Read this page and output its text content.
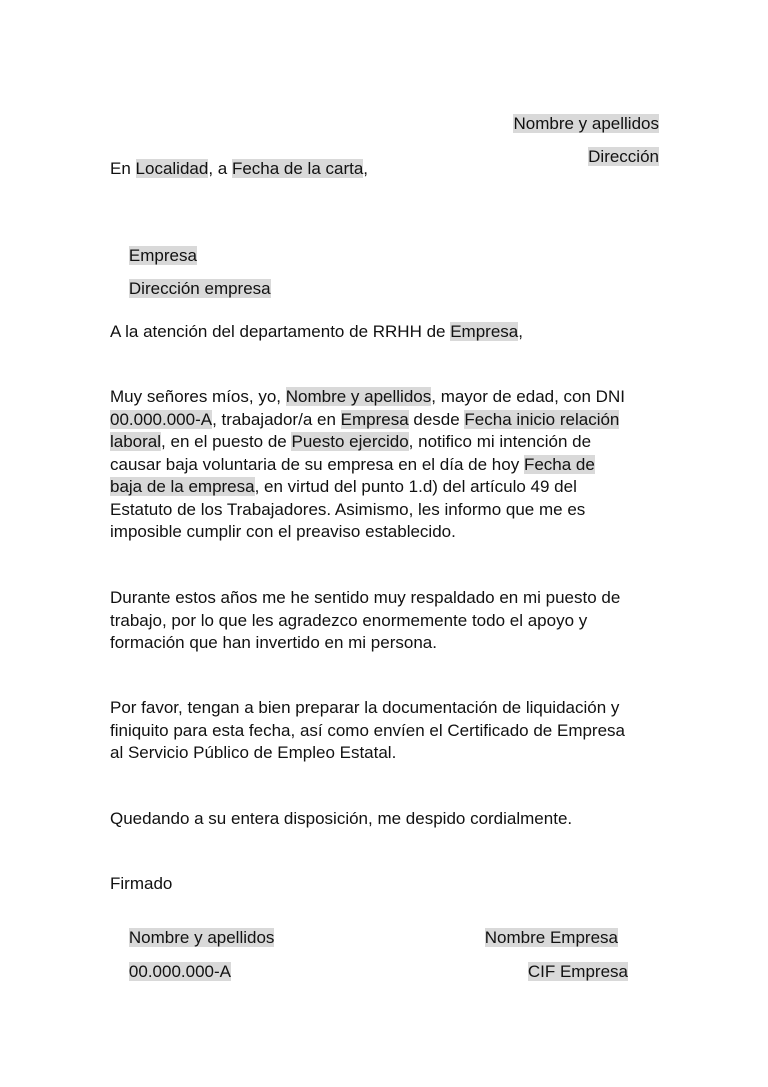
Nombre y apellidos

Dirección

En Localidad, a Fecha de la carta,

Empresa

Dirección empresa

A la atención del departamento de RRHH de Empresa,
Muy señores míos, yo, Nombre y apellidos, mayor de edad, con DNI
00.000.000-A, trabajador/a en Empresa desde Fecha inicio relación
laboral, en el puesto de Puesto ejercido, notifico mi intención de
causar baja voluntaria de su empresa en el día de hoy Fecha de
baja de la empresa, en virtud del punto 1.d) del artículo 49 del
Estatuto de los Trabajadores. Asimismo, les informo que me es
imposible cumplir con el preaviso establecido.
Durante estos años me he sentido muy respaldado en mi puesto de
trabajo, por lo que les agradezco enormemente todo el apoyo y
formación que han invertido en mi persona.
Por favor, tengan a bien preparar la documentación de liquidación y
finiquito para esta fecha, así como envíen el Certificado de Empresa
al Servicio Público de Empleo Estatal.
Quedando a su entera disposición, me despido cordialmente.
Firmado

Nombre y apellidos

00.000.000-A

Nombre Empresa

CIF Empresa
